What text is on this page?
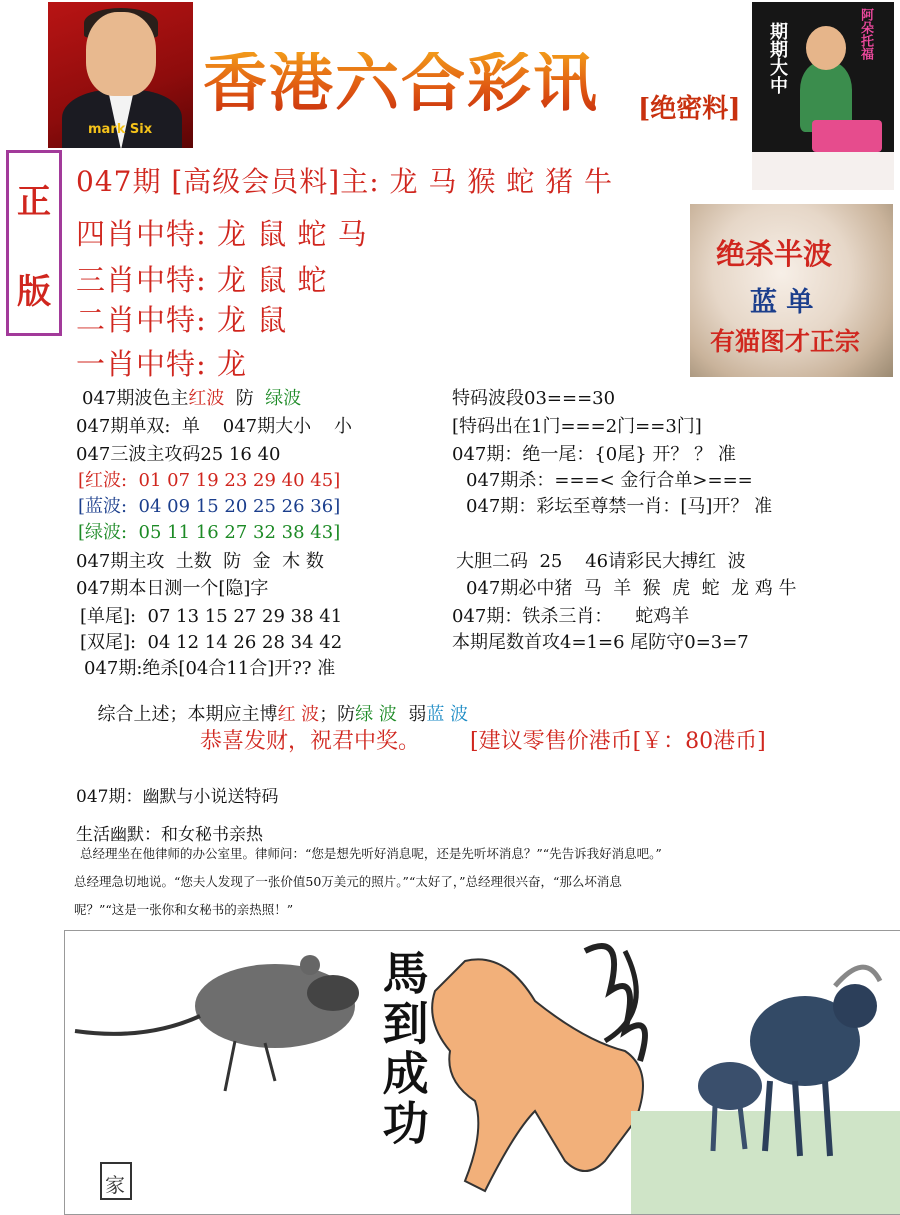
mark Six
香港六合彩讯 [绝密料]
期期大中	阿朵托福
正
版
047期 [高级会员料]主: 龙 马 猴 蛇 猪 牛
四肖中特: 龙 鼠 蛇 马
三肖中特: 龙 鼠 蛇
二肖中特: 龙 鼠
一肖中特: 龙
绝杀半波
蓝 单
有猫图才正宗
047期波色主红波  防  绿波
047期单双:  单    047期大小    小
047三波主攻码25 16 40
[红波:  01 07 19 23 29 40 45]
[蓝波:  04 09 15 20 25 26 36]
[绿波:  05 11 16 27 32 38 43]
047期主攻  土数  防  金  木 数
047期本日测一个[隐]字
[单尾]:  07 13 15 27 29 38 41
[双尾]:  04 12 14 26 28 34 42
047期:绝杀[04合11合]开?? 准

综合上述；本期应主博红 波；防绿 波  弱蓝 波

特码波段03===30
[特码出在1门===2门==3门]
047期：绝一尾：{0尾} 开？ ？ 准
047期杀：===< 金行合单>===
047期：彩坛至尊禁一肖：[马]开？ 准
大胆二码  25    46请彩民大搏红  波
047期必中猪  马  羊  猴  虎  蛇  龙 鸡 牛
047期：铁杀三肖：    蛇鸡羊
本期尾数首攻4=1=6 尾防守0=3=7
恭喜发财，祝君中奖。 [建议零售价港币[￥：80港币]
047期：幽默与小说送特码
生活幽默：和女秘书亲热
总经理坐在他律师的办公室里。律师问：“您是想先听好消息呢，还是先听坏消息？”“先告诉我好消息吧。”
总经理急切地说。“您夫人发现了一张价值50万美元的照片。”“太好了，”总经理很兴奋，“那么坏消息
呢？”“这是一张你和女秘书的亲热照！”
馬到成功
家
